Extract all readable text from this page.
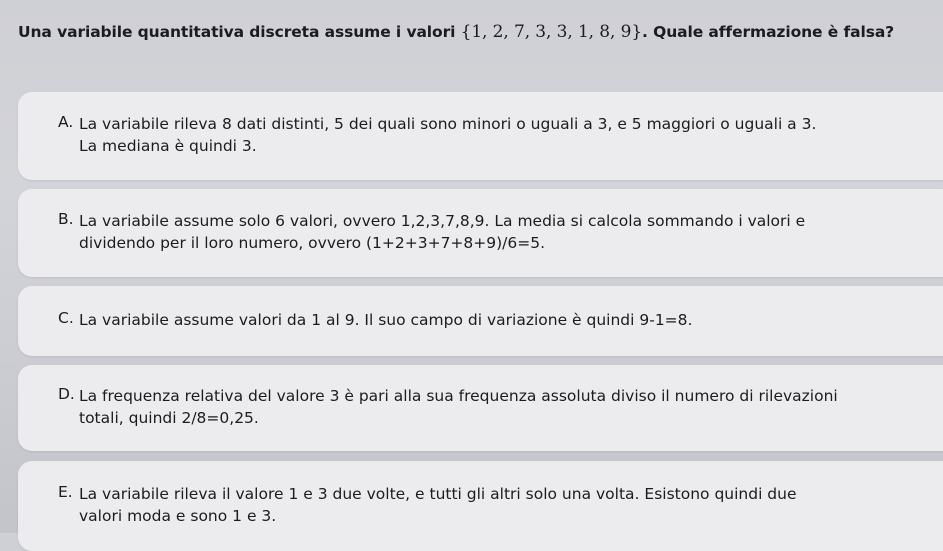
Una variabile quantitativa discreta assume i valori {1, 2, 7, 3, 3, 1, 8, 9}. Quale affermazione è falsa?
A. La variabile rileva 8 dati distinti, 5 dei quali sono minori o uguali a 3, e 5 maggiori o uguali a 3. La mediana è quindi 3.
B. La variabile assume solo 6 valori, ovvero 1,2,3,7,8,9. La media si calcola sommando i valori e dividendo per il loro numero, ovvero (1+2+3+7+8+9)/6=5.
C. La variabile assume valori da 1 al 9. Il suo campo di variazione è quindi 9-1=8.
D. La frequenza relativa del valore 3 è pari alla sua frequenza assoluta diviso il numero di rilevazioni totali, quindi 2/8=0,25.
E. La variabile rileva il valore 1 e 3 due volte, e tutti gli altri solo una volta. Esistono quindi due valori moda e sono 1 e 3.
